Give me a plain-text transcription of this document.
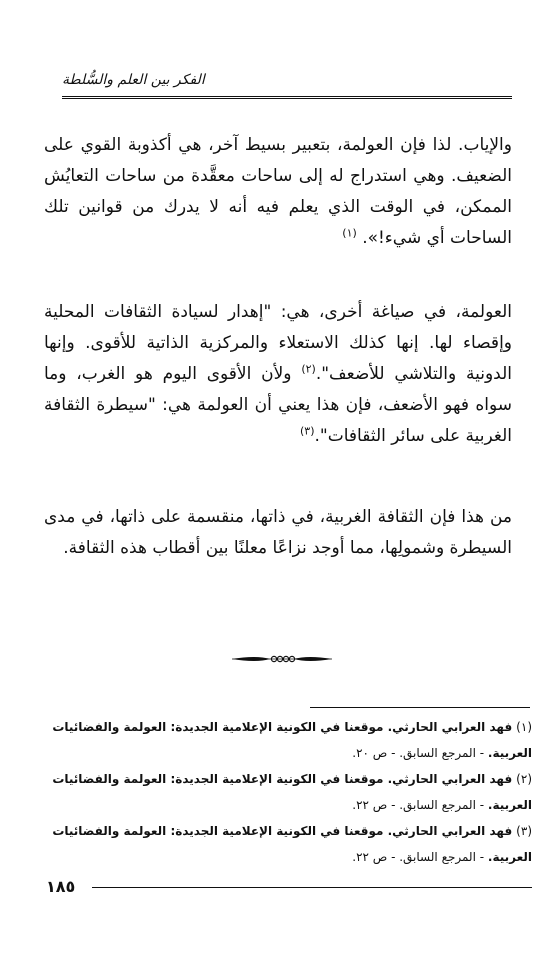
الفكر بين العلم والسُّلطة

والإياب. لذا فإن العولمة، بتعبير بسيط آخر، هي أكذوبة القوي على الضعيف. وهي استدراج له إلى ساحات معقَّدة من ساحات التعايُش الممكن، في الوقت الذي يعلم فيه أنه لا يدرك من قوانين تلك الساحات أي شيء!». $^{(١)}$

العولمة، في صياغة أخرى، هي: "إهدار لسيادة الثقافات المحلية وإقصاء لها. إنها كذلك الاستعلاء والمركزية الذاتية للأقوى. وإنها الدونية والتلاشي للأضعف".$^{(٢)}$ ولأن الأقوى اليوم هو الغرب، وما سواه فهو الأضعف، فإن هذا يعني أن العولمة هي: "سيطرة الثقافة الغربية على سائر الثقافات".$^{(٣)}$

من هذا فإن الثقافة الغربية، في ذاتها، منقسمة على ذاتها، في مدى السيطرة وشمولِها، مما أوجد نزاعًا معلنًا بين أقطاب هذه الثقافة.

(١)فهد العرابي الحارثي. موقعنا في الكونية الإعلامية الجديدة: العولمة والفضائيات العربية. - المرجع السابق. - ص ٢٠.
(٢)فهد العرابي الحارثي. موقعنا في الكونية الإعلامية الجديدة: العولمة والفضائيات العربية. - المرجع السابق. - ص ٢٢.
(٣)فهد العرابي الحارثي. موقعنا في الكونية الإعلامية الجديدة: العولمة والفضائيات العربية. - المرجع السابق. - ص ٢٢.
١٨٥
